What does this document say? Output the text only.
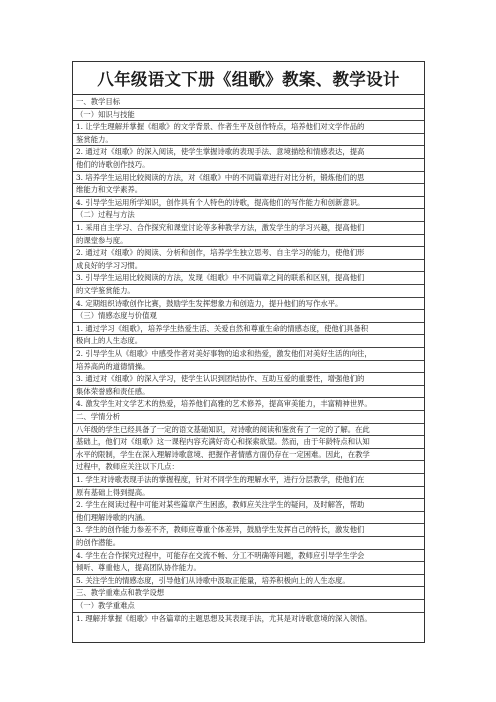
八年级语文下册《组歌》教案、教学设计
一、教学目标
（一）知识与技能
1. 让学生理解并掌握《组歌》的文学背景、作者生平及创作特点，培养他们对文学作品的
鉴赏能力。
2. 通过对《组歌》的深入阅读，使学生掌握诗歌的表现手法、意境描绘和情感表达，提高
他们的诗歌创作技巧。
3. 培养学生运用比较阅读的方法，对《组歌》中的不同篇章进行对比分析，锻炼他们的思
维能力和文学素养。
4. 引导学生运用所学知识，创作具有个人特色的诗歌，提高他们的写作能力和创新意识。
（二）过程与方法
1. 采用自主学习、合作探究和课堂讨论等多种教学方法，激发学生的学习兴趣，提高他们
的课堂参与度。
2. 通过对《组歌》的阅读、分析和创作，培养学生独立思考、自主学习的能力，使他们形
成良好的学习习惯。
3. 引导学生运用比较阅读的方法，发现《组歌》中不同篇章之间的联系和区别，提高他们
的文学鉴赏能力。
4. 定期组织诗歌创作比赛，鼓励学生发挥想象力和创造力，提升他们的写作水平。
（三）情感态度与价值观
1. 通过学习《组歌》，培养学生热爱生活、关爱自然和尊重生命的情感态度，使他们具备积
极向上的人生态度。
2. 引导学生从《组歌》中感受作者对美好事物的追求和热爱，激发他们对美好生活的向往，
培养高尚的道德情操。
3. 通过对《组歌》的深入学习，使学生认识到团结协作、互助互爱的重要性，增强他们的
集体荣誉感和责任感。
4. 激发学生对文学艺术的热爱，培养他们高雅的艺术修养，提高审美能力，丰富精神世界。
二、学情分析
八年级的学生已经具备了一定的语文基础知识，对诗歌的阅读和鉴赏有了一定的了解。在此
基础上，他们对《组歌》这一课程内容充满好奇心和探索欲望。然而，由于年龄特点和认知
水平的限制，学生在深入理解诗歌意境、把握作者情感方面仍存在一定困难。因此，在教学
过程中，教师应关注以下几点：
1. 学生对诗歌表现手法的掌握程度，针对不同学生的理解水平，进行分层教学，使他们在
原有基础上得到提高。
2. 学生在阅读过程中可能对某些篇章产生困惑，教师应关注学生的疑问，及时解答，帮助
他们理解诗歌的内涵。
3. 学生的创作能力参差不齐，教师应尊重个体差异，鼓励学生发挥自己的特长，激发他们
的创作潜能。
4. 学生在合作探究过程中，可能存在交流不畅、分工不明确等问题，教师应引导学生学会
倾听、尊重他人，提高团队协作能力。
5. 关注学生的情感态度，引导他们从诗歌中汲取正能量，培养积极向上的人生态度。
三、教学重难点和教学设想
（一）教学重难点
1. 理解并掌握《组歌》中各篇章的主题思想及其表现手法，尤其是对诗歌意境的深入领悟。
